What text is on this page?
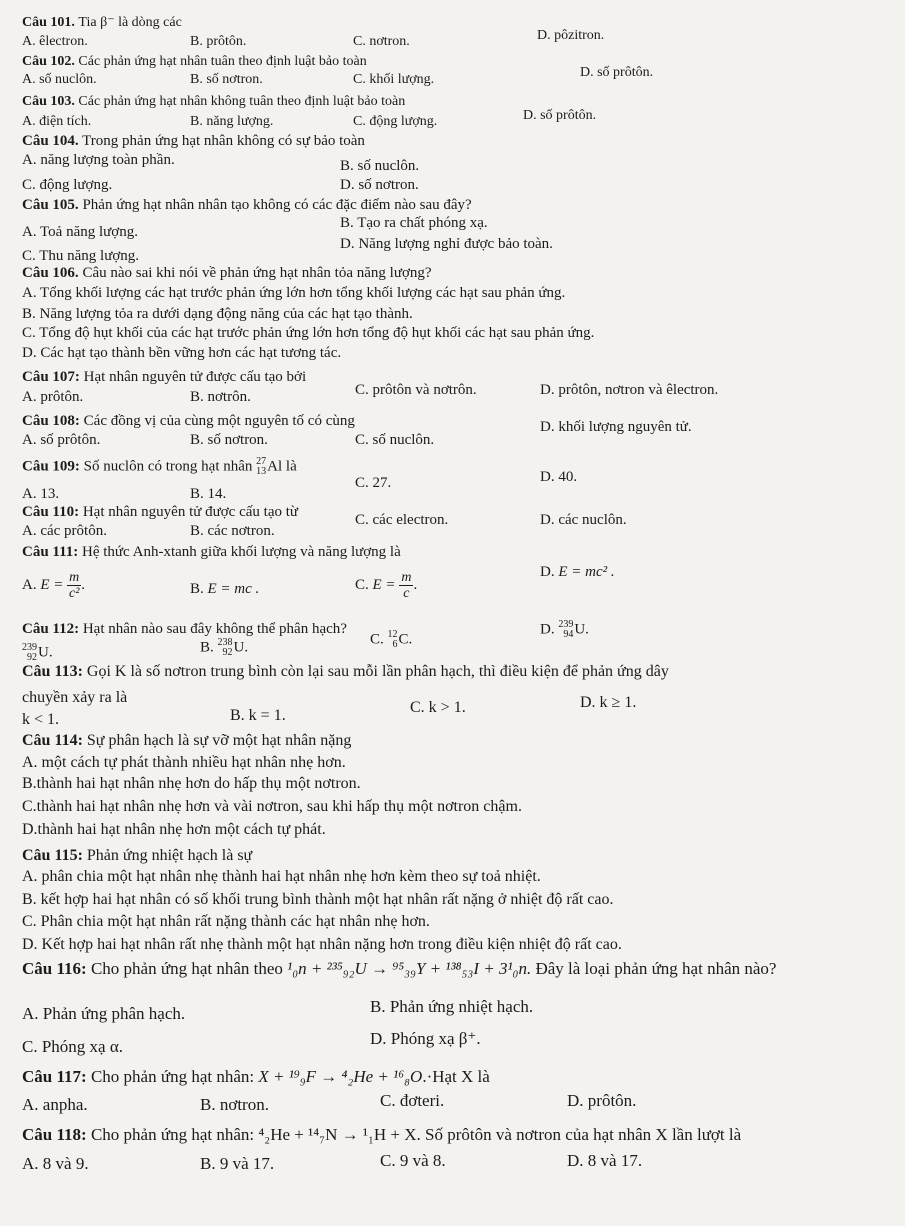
Câu 101. Tia β⁻ là dòng các
A. êlectron.	B. prôtôn.	C. nơtron.	D. pôzitron.
Câu 102. Các phản ứng hạt nhân tuân theo định luật bảo toàn
A. số nuclôn.	B. số nơtron.	C. khối lượng.	D. số prôtôn.
Câu 103. Các phản ứng hạt nhân không tuân theo định luật bảo toàn
A. điện tích.	B. năng lượng.	C. động lượng.	D. số prôtôn.
Câu 104. Trong phản ứng hạt nhân không có sự bảo toàn
A. năng lượng toàn phần.	B. số nuclôn.
C. động lượng.	D. số nơtron.
Câu 105. Phản ứng hạt nhân nhân tạo không có các đặc điểm nào sau đây?
A. Toả năng lượng.
B. Tạo ra chất phóng xạ.
C. Thu năng lượng.
D. Năng lượng nghỉ được bảo toàn.
Câu 106. Câu nào sai khi nói về phản ứng hạt nhân tỏa năng lượng?
A. Tổng khối lượng các hạt trước phản ứng lớn hơn tổng khối lượng các hạt sau phản ứng.
B. Năng lượng tỏa ra dưới dạng động năng của các hạt tạo thành.
C. Tổng độ hụt khối của các hạt trước phản ứng lớn hơn tổng độ hụt khối các hạt sau phản ứng.
D. Các hạt tạo thành bền vững hơn các hạt tương tác.
Câu 107: Hạt nhân nguyên tử được cấu tạo bởi
A. prôtôn.	B. nơtrôn.	C. prôtôn và nơtrôn.	D. prôtôn, nơtron và êlectron.
Câu 108: Các đồng vị của cùng một nguyên tố có cùng
A. số prôtôn.	B. số nơtron.	C. số nuclôn.
D. khối lượng nguyên tử.
Câu 109: Số nuclôn có trong hạt nhân 27
13 Al là
A. 13.	B. 14.
C. 27.	D. 40.
Câu 110: Hạt nhân nguyên tử được cấu tạo từ
A. các prôtôn.	B. các nơtron.
C. các electron.	D. các nuclôn.
Câu 111: Hệ thức Anh-xtanh giữa khối lượng và năng lượng là
A. $E = \frac{m}{\text{c²}}$ .	B. E = mc .	C. $E = \frac{m}{c}$ .
D. E = mc² .
Câu 112: Hạt nhân nào sau đây không thể phân hạch?
239
92 U.	B. 238
92 U.	C. 12
6 C.
D. 239
94 U.
Câu 113: Gọi K là số nơtron trung bình còn lại sau mỗi lần phân hạch, thì điều kiện để phản ứng dây
chuyền xảy ra là
k < 1.	B. k = 1.	C. k > 1.	D. k ≥ 1.
Câu 114: Sự phân hạch là sự vỡ một hạt nhân nặng
A. một cách tự phát thành nhiều hạt nhân nhẹ hơn.
B.thành hai hạt nhân nhẹ hơn do hấp thụ một nơtron.
C.thành hai hạt nhân nhẹ hơn và vài nơtron, sau khi hấp thụ một nơtron chậm.
D.thành hai hạt nhân nhẹ hơn một cách tự phát.
Câu 115: Phản ứng nhiệt hạch là sự
A. phân chia một hạt nhân nhẹ thành hai hạt nhân nhẹ hơn kèm theo sự toả nhiệt.
B. kết hợp hai hạt nhân có số khối trung bình thành một hạt nhân rất nặng ở nhiệt độ rất cao.
C. Phân chia một hạt nhân rất nặng thành các hạt nhân nhẹ hơn.
D. Kết hợp hai hạt nhân rất nhẹ thành một hạt nhân nặng hơn trong điều kiện nhiệt độ rất cao.
Câu 116: Cho phản ứng hạt nhân theo ¹₀n + ²³⁵₉₂U → ⁹⁵₃₉Y + ¹³⁸₅₃I + 3¹₀n. Đây là loại phản ứng hạt nhân nào?
A. Phản ứng phân hạch.	B. Phản ứng nhiệt hạch.
C. Phóng xạ α.	D. Phóng xạ β⁺.
Câu 117: Cho phản ứng hạt nhân: X + ¹⁹₉F → ⁴₂He + ¹⁶₈O.·Hạt X là
A. anpha.	B. nơtron.	C. đơteri.	D. prôtôn.
Câu 118: Cho phản ứng hạt nhân: ⁴₂He + ¹⁴₇N → ¹₁H + X. Số prôtôn và nơtron của hạt nhân X lần lượt là
A. 8 và 9.	B. 9 và 17.	C. 9 và 8.	D. 8 và 17.
